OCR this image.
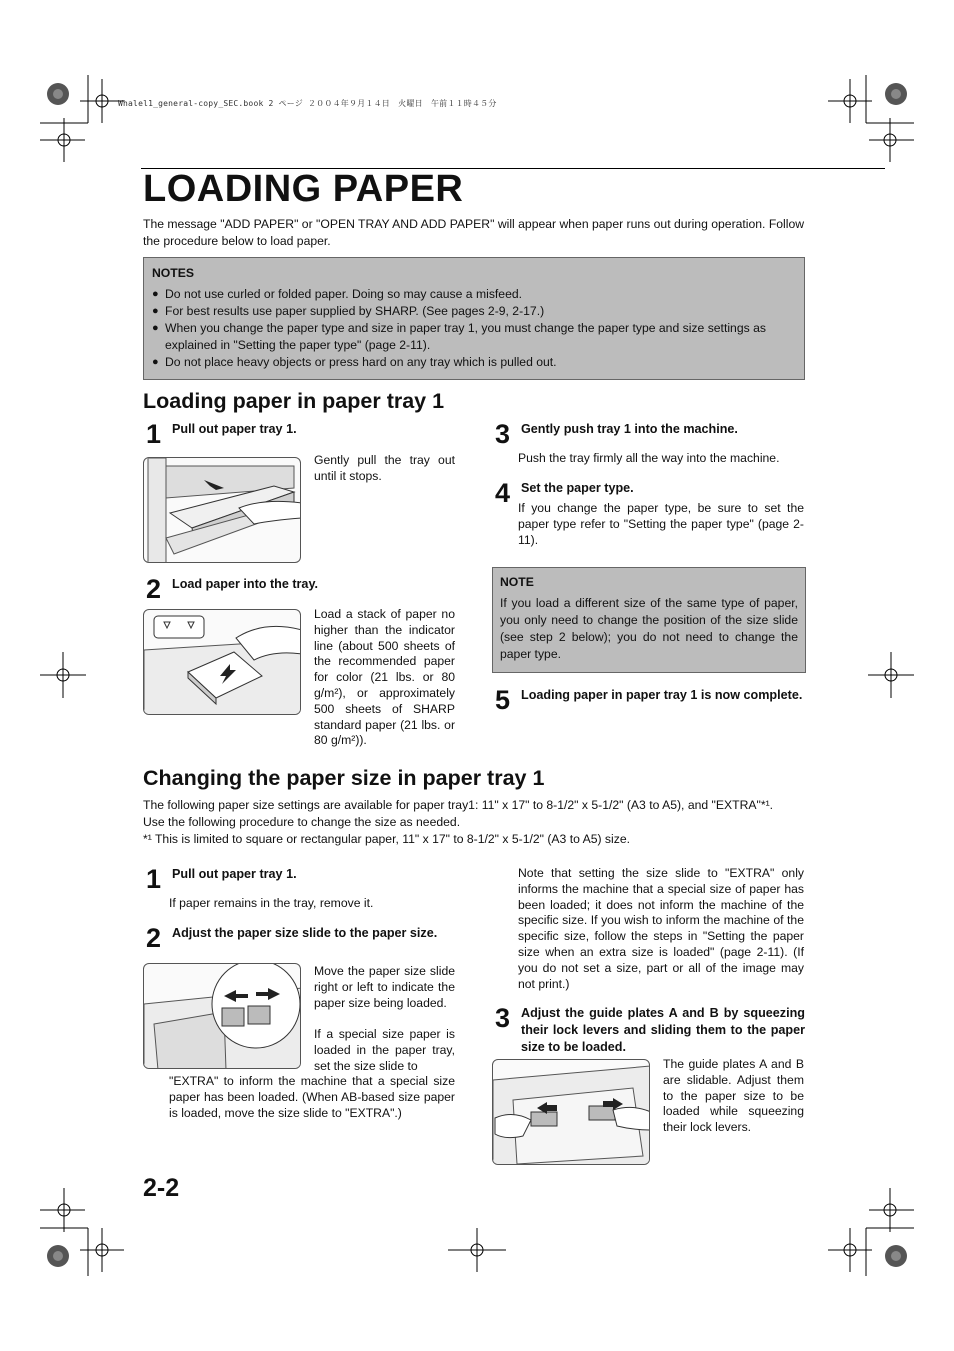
Whalel1_general-copy_SEC.book 2 ページ ２００４年９月１４日　火曜日　午前１１時４５分
LOADING PAPER

The message "ADD PAPER" or "OPEN TRAY AND ADD PAPER" will appear when paper runs out during operation. Follow the procedure below to load paper.

NOTES
● Do not use curled or folded paper. Doing so may cause a misfeed.
● For best results use paper supplied by SHARP. (See pages 2-9, 2-17.)
● When you change the paper type and size in paper tray 1, you must change the paper type and size settings as explained in "Setting the paper type" (page 2-11).
● Do not place heavy objects or press hard on any tray which is pulled out.
Loading paper in paper tray 1
1 Pull out paper tray 1.

Gently pull the tray out until it stops.

2 Load paper into the tray.

Load a stack of paper no higher than the indicator line (about 500 sheets of the recommended paper for color (21 lbs. or 80 g/m²), or approximately 500 sheets of SHARP standard paper (21 lbs. or 80 g/m²)).

3 Gently push tray 1 into the machine.

Push the tray firmly all the way into the machine.

4 Set the paper type.

If you change the paper type, be sure to set the paper type refer to "Setting the paper type" (page 2-11).

NOTE

If you load a different size of the same type of paper, you only need to change the position of the size slide (see step 2 below); you do not need to change the paper type.

5 Loading paper in paper tray 1 is now complete.
Changing the paper size in paper tray 1

The following paper size settings are available for paper tray1: 11" x 17" to 8-1/2" x 5-1/2" (A3 to A5), and "EXTRA"*¹.

Use the following procedure to change the size as needed.

*¹ This is limited to square or rectangular paper, 11" x 17" to 8-1/2" x 5-1/2" (A3 to A5) size.

1 Pull out paper tray 1.

If paper remains in the tray, remove it.

2 Adjust the paper size slide to the paper size.

Move the paper size slide right or left to indicate the paper size being loaded.

If a special size paper is loaded in the paper tray, set the size slide to

"EXTRA" to inform the machine that a special size paper has been loaded. (When AB-based size paper is loaded, move the size slide to "EXTRA".)

Note that setting the size slide to "EXTRA" only informs the machine that a special size of paper has been loaded; it does not inform the machine of the specific size. If you wish to inform the machine of the specific size, follow the steps in "Setting the paper size when an extra size is loaded" (page 2-11). (If you do not set a size, part or all of the image may not print.)

3 Adjust the guide plates A and B by squeezing their lock levers and sliding them to the paper size to be loaded.

The guide plates A and B are slidable. Adjust them to the paper size to be loaded while squeezing their lock levers.

2-2
